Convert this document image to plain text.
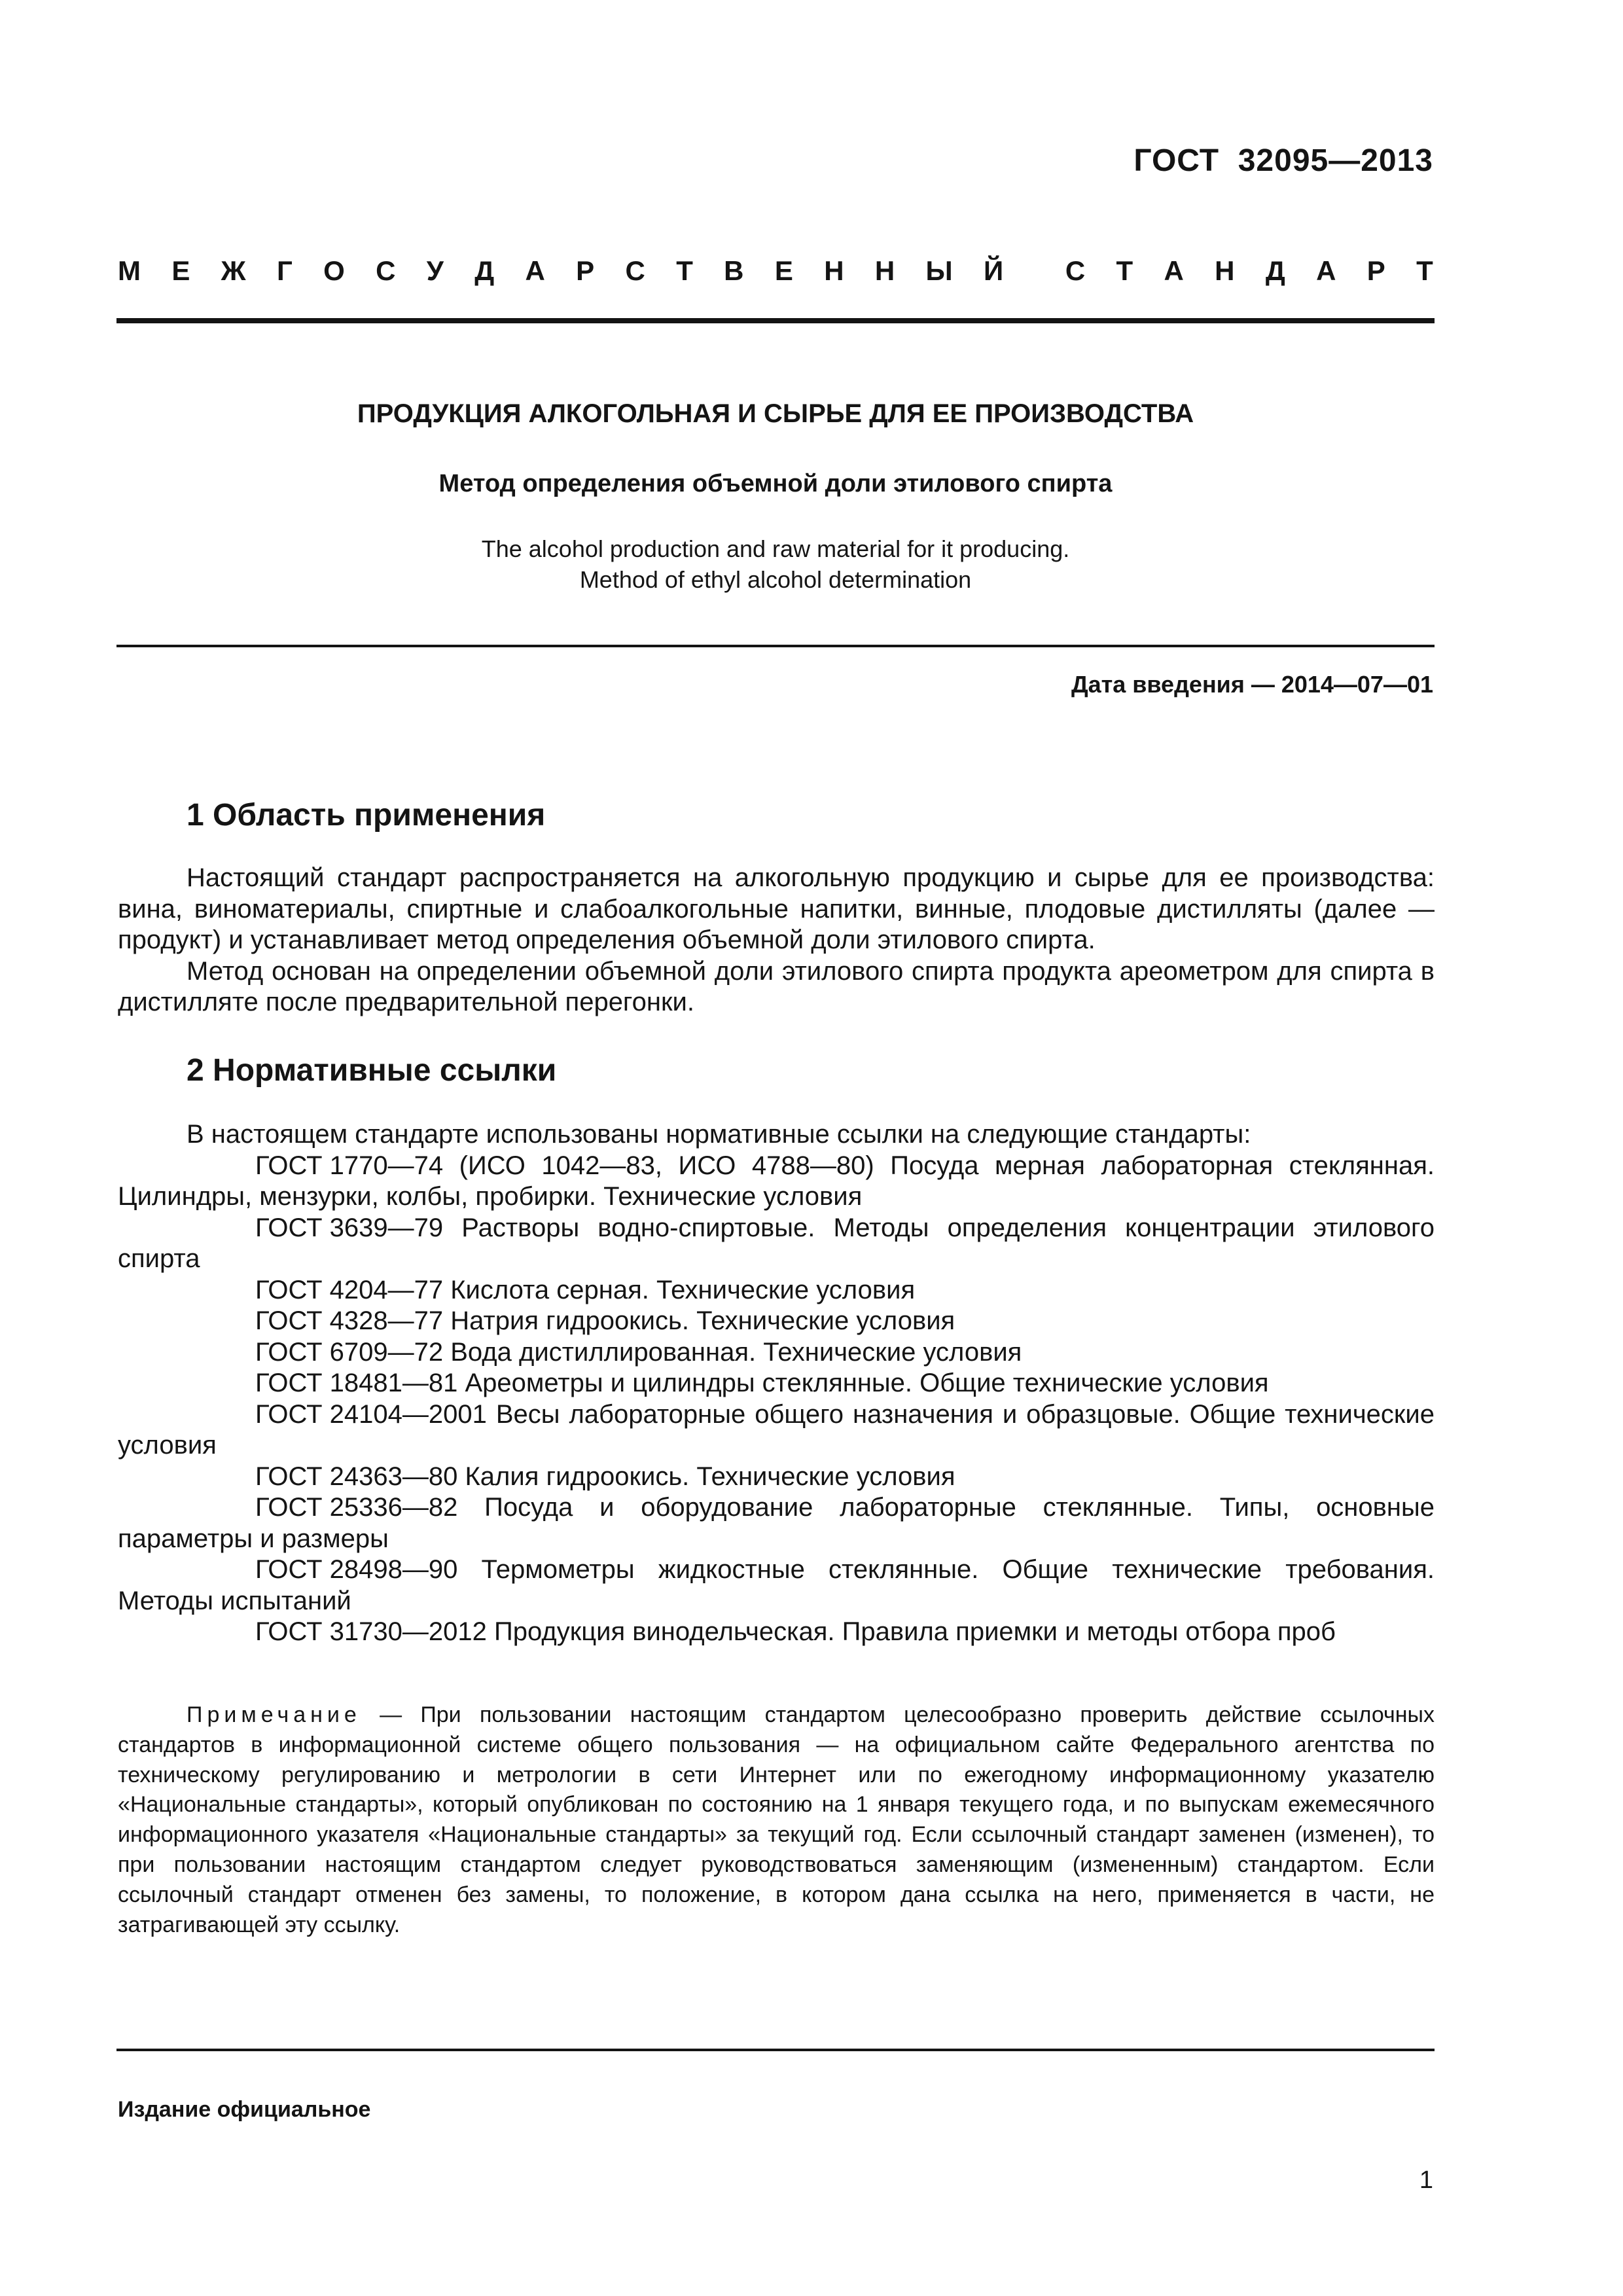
ГОСТ  32095—2013
М Е Ж Г О С У Д А Р С Т В Е Н Н Ы Й С Т А Н Д А Р Т
ПРОДУКЦИЯ АЛКОГОЛЬНАЯ И СЫРЬЕ ДЛЯ ЕЕ ПРОИЗВОДСТВА
Метод определения объемной доли этилового спирта
The alcohol production and raw material for it producing.
Method of ethyl alcohol determination
Дата введения — 2014—07—01
1 Область применения

Настоящий стандарт распространяется на алкогольную продукцию и сырье для ее производства: вина, виноматериалы, спиртные и слабоалкогольные напитки, винные, плодовые дистилляты (далее — продукт) и устанавливает метод определения объемной доли этилового спирта.

Метод основан на определении объемной доли этилового спирта продукта ареометром для спирта в дистилляте после предварительной перегонки.

2 Нормативные ссылки

В настоящем стандарте использованы нормативные ссылки на следующие стандарты:

ГОСТ 1770—74 (ИСО 1042—83, ИСО 4788—80) Посуда мерная лабораторная стеклянная. Цилиндры, мензурки, колбы, пробирки. Технические условия

ГОСТ 3639—79 Растворы водно-спиртовые. Методы определения концентрации этилового спирта

ГОСТ 4204—77 Кислота серная. Технические условия

ГОСТ 4328—77 Натрия гидроокись. Технические условия

ГОСТ 6709—72 Вода дистиллированная. Технические условия

ГОСТ 18481—81 Ареометры и цилиндры стеклянные. Общие технические условия

ГОСТ 24104—2001 Весы лабораторные общего назначения и образцовые. Общие технические условия

ГОСТ 24363—80 Калия гидроокись. Технические условия

ГОСТ 25336—82 Посуда и оборудование лабораторные стеклянные. Типы, основные параметры и размеры

ГОСТ 28498—90 Термометры жидкостные стеклянные. Общие технические требования. Методы испытаний

ГОСТ 31730—2012 Продукция винодельческая. Правила приемки и методы отбора проб

Примечание — При пользовании настоящим стандартом целесообразно проверить действие ссылочных стандартов в информационной системе общего пользования — на официальном сайте Федерального агентства по техническому регулированию и метрологии в сети Интернет или по ежегодному информационному указателю «Национальные стандарты», который опубликован по состоянию на 1 января текущего года, и по выпускам ежемесячного информационного указателя «Национальные стандарты» за текущий год. Если ссылочный стандарт заменен (изменен), то при пользовании настоящим стандартом следует руководствоваться заменяющим (измененным) стандартом. Если ссылочный стандарт отменен без замены, то положение, в котором дана ссылка на него, применяется в части, не затрагивающей эту ссылку.
Издание официальное
1
